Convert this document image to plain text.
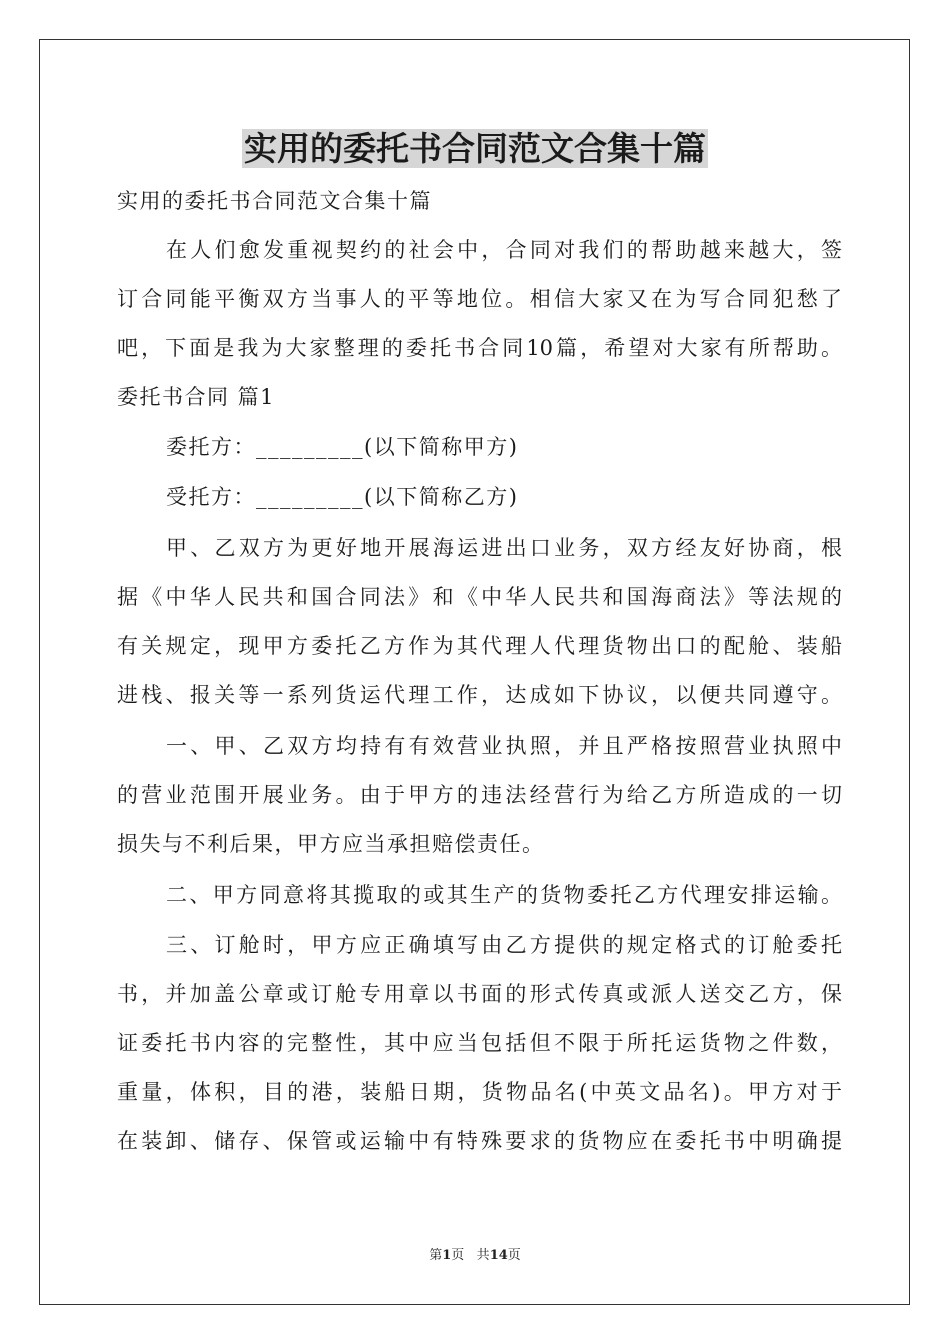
实用的委托书合同范文合集十篇
实用的委托书合同范文合集十篇
在人们愈发重视契约的社会中，合同对我们的帮助越来越大，签
订合同能平衡双方当事人的平等地位。相信大家又在为写合同犯愁了
吧，下面是我为大家整理的委托书合同10篇，希望对大家有所帮助。
委托书合同 篇1
委托方：_________(以下简称甲方)
受托方：_________(以下简称乙方)
甲、乙双方为更好地开展海运进出口业务，双方经友好协商，根
据《中华人民共和国合同法》和《中华人民共和国海商法》等法规的
有关规定，现甲方委托乙方作为其代理人代理货物出口的配舱、装船
进栈、报关等一系列货运代理工作，达成如下协议，以便共同遵守。
一、甲、乙双方均持有有效营业执照，并且严格按照营业执照中
的营业范围开展业务。由于甲方的违法经营行为给乙方所造成的一切
损失与不利后果，甲方应当承担赔偿责任。
二、甲方同意将其揽取的或其生产的货物委托乙方代理安排运输。
三、订舱时，甲方应正确填写由乙方提供的规定格式的订舱委托
书，并加盖公章或订舱专用章以书面的形式传真或派人送交乙方，保
证委托书内容的完整性，其中应当包括但不限于所托运货物之件数，
重量，体积，目的港，装船日期，货物品名(中英文品名)。甲方对于
在装卸、储存、保管或运输中有特殊要求的货物应在委托书中明确提
第1页 共14页
